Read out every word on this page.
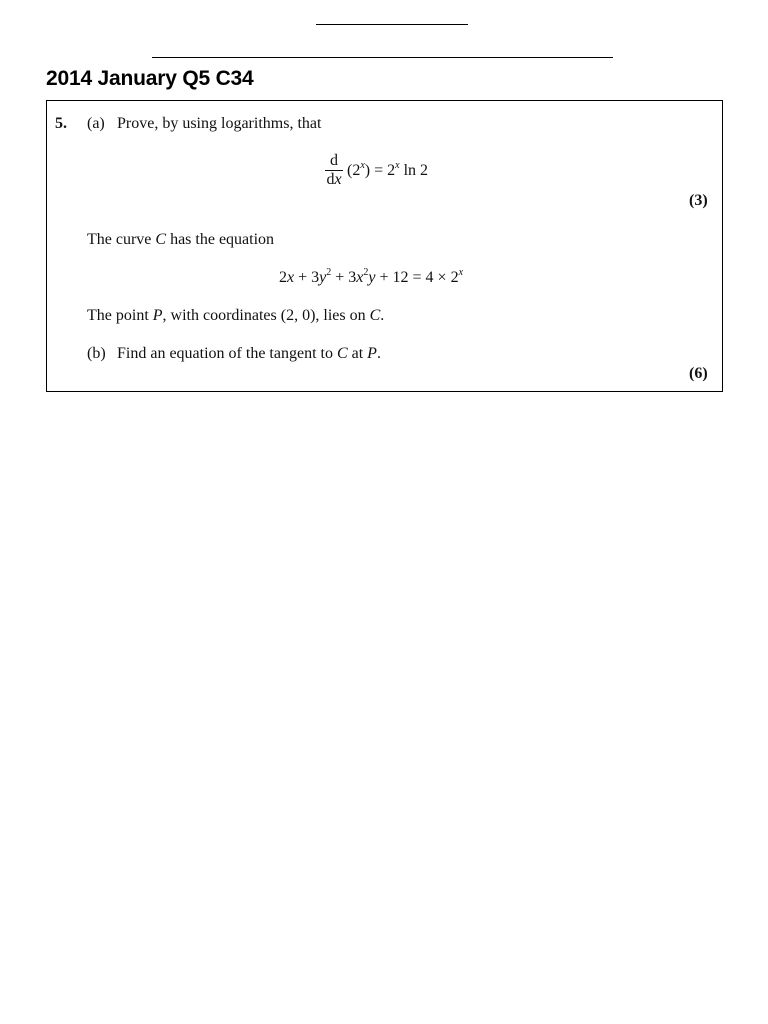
2014 January Q5 C34
5. (a) Prove, by using logarithms, that
d
dx
$(2^x) = 2^x$ ln 2
(3)
The curve C has the equation
$2x + 3y^2 + 3x^2y + 12 = 4 \times 2^x$
The point P, with coordinates (2, 0), lies on C.
(b) Find an equation of the tangent to C at P.
(6)
